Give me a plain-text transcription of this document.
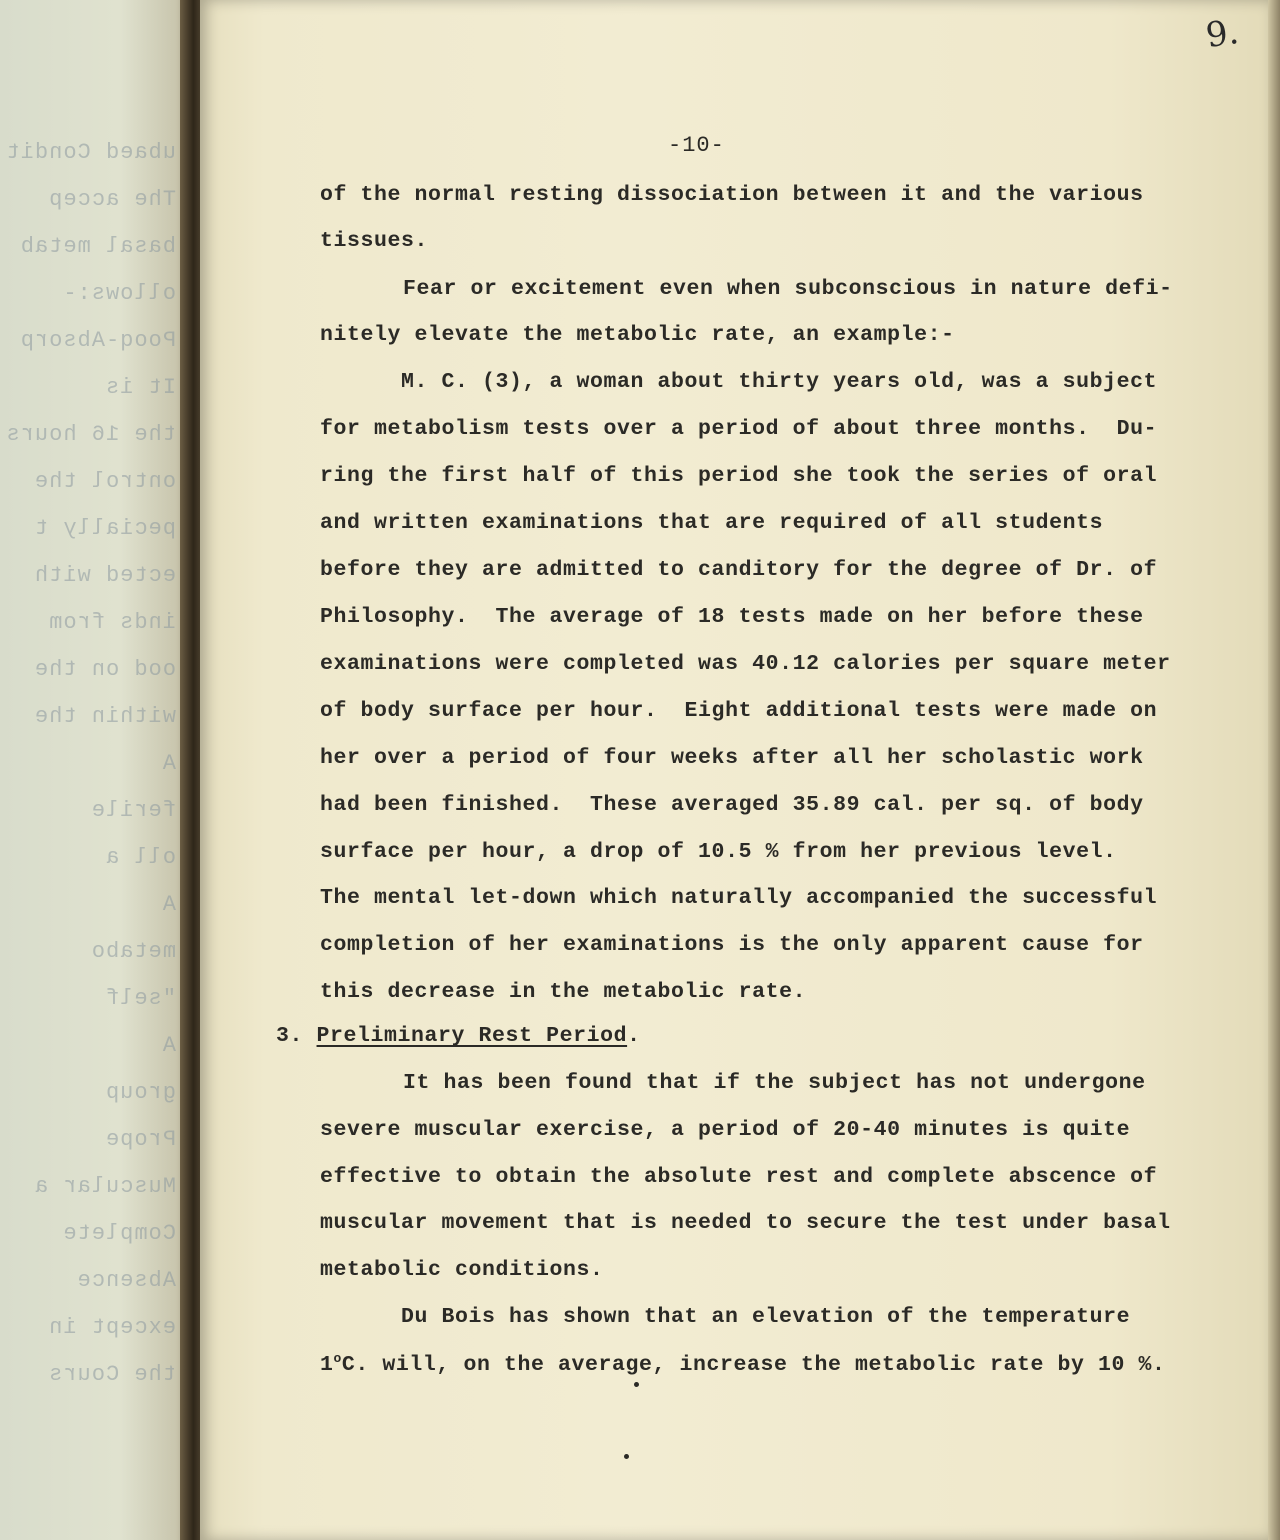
ubaed Condit
The accep
basal metab
ollows:-
Pooq-Absorp
It is
the 16 hours
ontrol the
pecially t
ected with
inds from
ood on the
within the
A
ferile
oll a
A
metabo
"self
A
group
Prope
Muscular a
Complete
Absence
except in
the Cours
9.
-10-
of the normal resting dissociation between it and the various
tissues.
Fear or excitement even when subconscious in nature defi-
nitely elevate the metabolic rate, an example:-
M. C. (3), a woman about thirty years old, was a subject
for metabolism tests over a period of about three months.  Du-
ring the first half of this period she took the series of oral
and written examinations that are required of all students
before they are admitted to canditory for the degree of Dr. of
Philosophy.  The average of 18 tests made on her before these
examinations were completed was 40.12 calories per square meter
of body surface per hour.  Eight additional tests were made on
her over a period of four weeks after all her scholastic work
had been finished.  These averaged 35.89 cal. per sq. of body
surface per hour, a drop of 10.5 % from her previous level.
The mental let-down which naturally accompanied the successful
completion of her examinations is the only apparent cause for
this decrease in the metabolic rate.
3. Preliminary Rest Period.
It has been found that if the subject has not undergone
severe muscular exercise, a period of 20-40 minutes is quite
effective to obtain the absolute rest and complete abscence of
muscular movement that is needed to secure the test under basal
metabolic conditions.
Du Bois has shown that an elevation of the temperature
1$^o$C. will, on the average, increase the metabolic rate by 10 %.
